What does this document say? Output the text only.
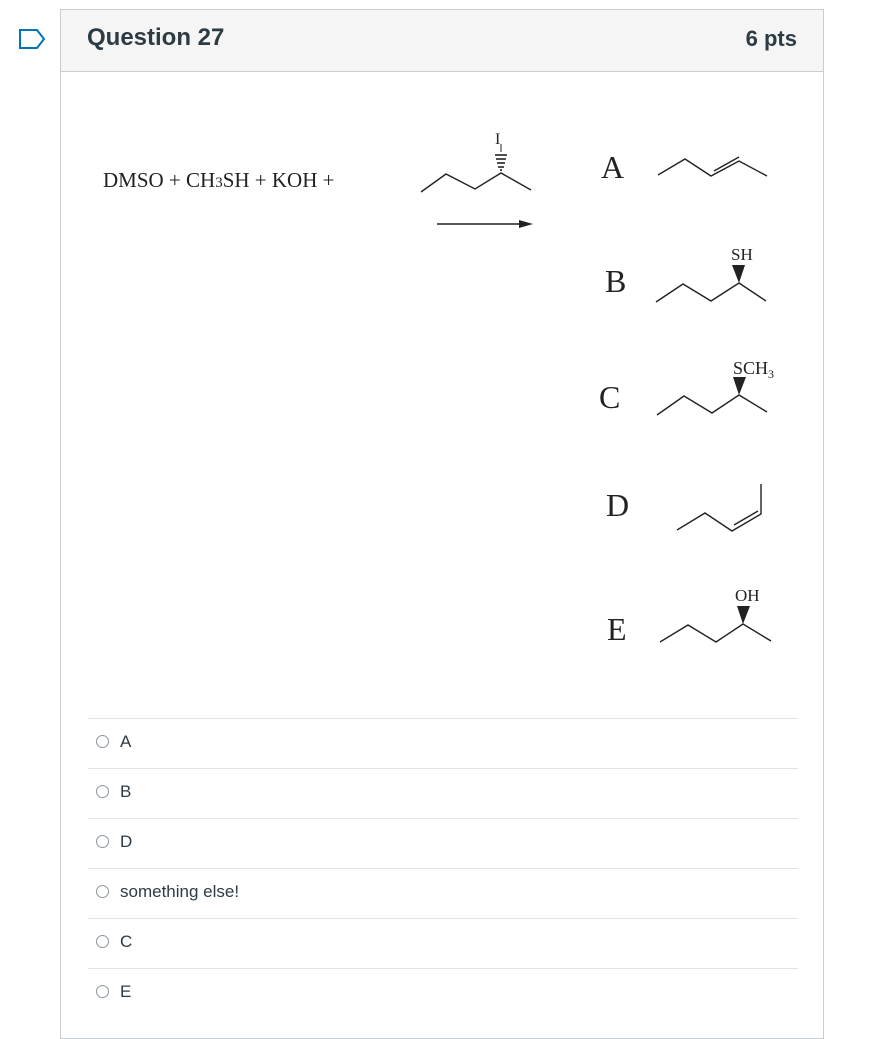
Question 27	6 pts
DMSO + CH3SH + KOH +
I
A
B
SH
C
$SCH_3$
D
E
OH
A
B
D
something else!
C
E
